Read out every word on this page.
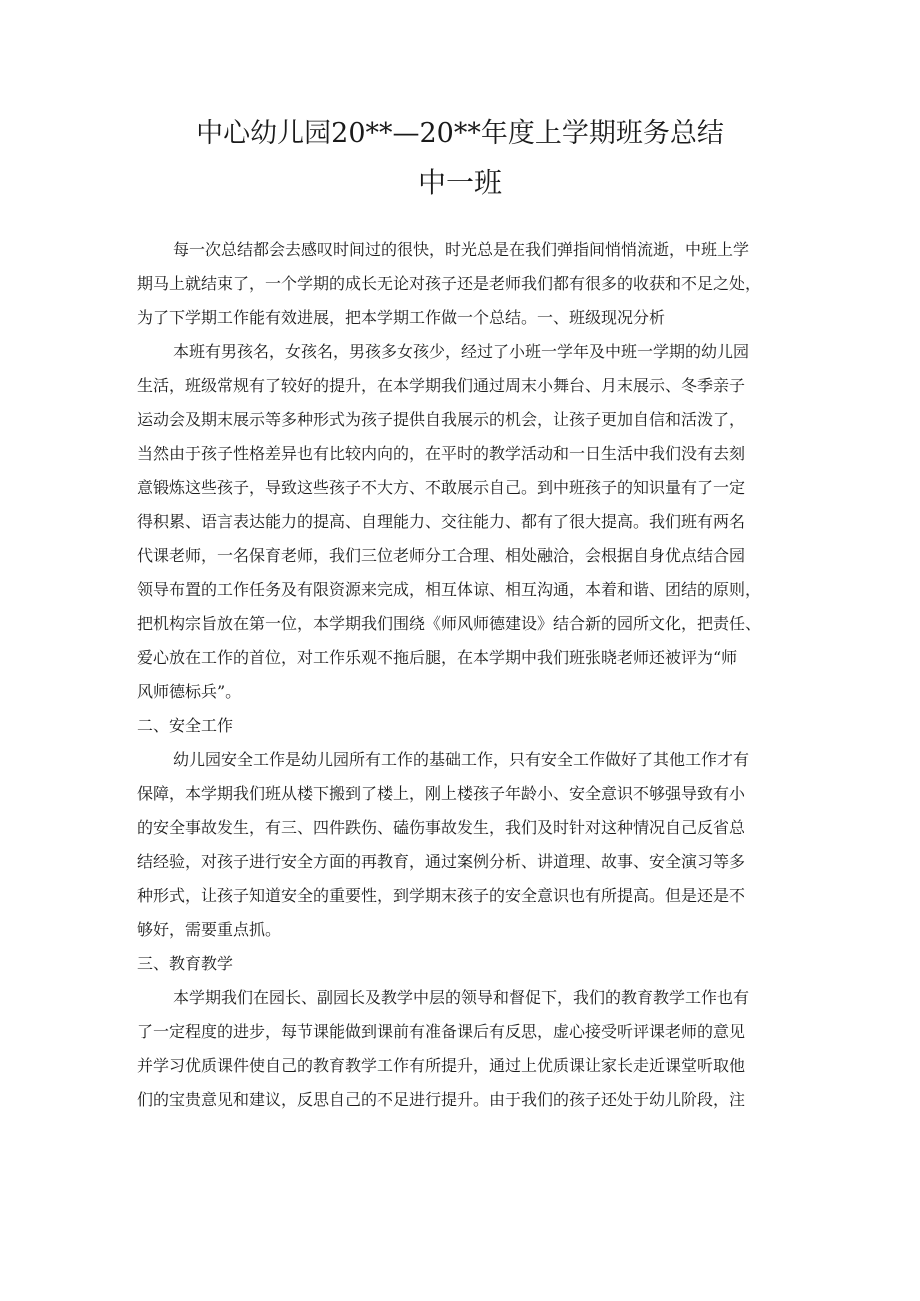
中心幼儿园20**—20**年度上学期班务总结
中一班

每一次总结都会去感叹时间过的很快，时光总是在我们弹指间悄悄流逝，中班上学
期马上就结束了，一个学期的成长无论对孩子还是老师我们都有很多的收获和不足之处，
为了下学期工作能有效进展，把本学期工作做一个总结。一、班级现况分析

本班有男孩名，女孩名，男孩多女孩少，经过了小班一学年及中班一学期的幼儿园
生活，班级常规有了较好的提升，在本学期我们通过周末小舞台、月末展示、冬季亲子
运动会及期末展示等多种形式为孩子提供自我展示的机会，让孩子更加自信和活泼了，
当然由于孩子性格差异也有比较内向的，在平时的教学活动和一日生活中我们没有去刻
意锻炼这些孩子，导致这些孩子不大方、不敢展示自己。到中班孩子的知识量有了一定
得积累、语言表达能力的提高、自理能力、交往能力、都有了很大提高。我们班有两名
代课老师，一名保育老师，我们三位老师分工合理、相处融洽，会根据自身优点结合园
领导布置的工作任务及有限资源来完成，相互体谅、相互沟通，本着和谐、团结的原则，
把机构宗旨放在第一位，本学期我们围绕《师风师德建设》结合新的园所文化，把责任、
爱心放在工作的首位，对工作乐观不拖后腿，在本学期中我们班张晓老师还被评为“师
风师德标兵”。

二、安全工作

幼儿园安全工作是幼儿园所有工作的基础工作，只有安全工作做好了其他工作才有
保障，本学期我们班从楼下搬到了楼上，刚上楼孩子年龄小、安全意识不够强导致有小
的安全事故发生，有三、四件跌伤、磕伤事故发生，我们及时针对这种情况自己反省总
结经验，对孩子进行安全方面的再教育，通过案例分析、讲道理、故事、安全演习等多
种形式，让孩子知道安全的重要性，到学期末孩子的安全意识也有所提高。但是还是不
够好，需要重点抓。

三、教育教学

本学期我们在园长、副园长及教学中层的领导和督促下，我们的教育教学工作也有
了一定程度的进步，每节课能做到课前有准备课后有反思，虚心接受听评课老师的意见
并学习优质课件使自己的教育教学工作有所提升，通过上优质课让家长走近课堂听取他
们的宝贵意见和建议，反思自己的不足进行提升。由于我们的孩子还处于幼儿阶段，注
